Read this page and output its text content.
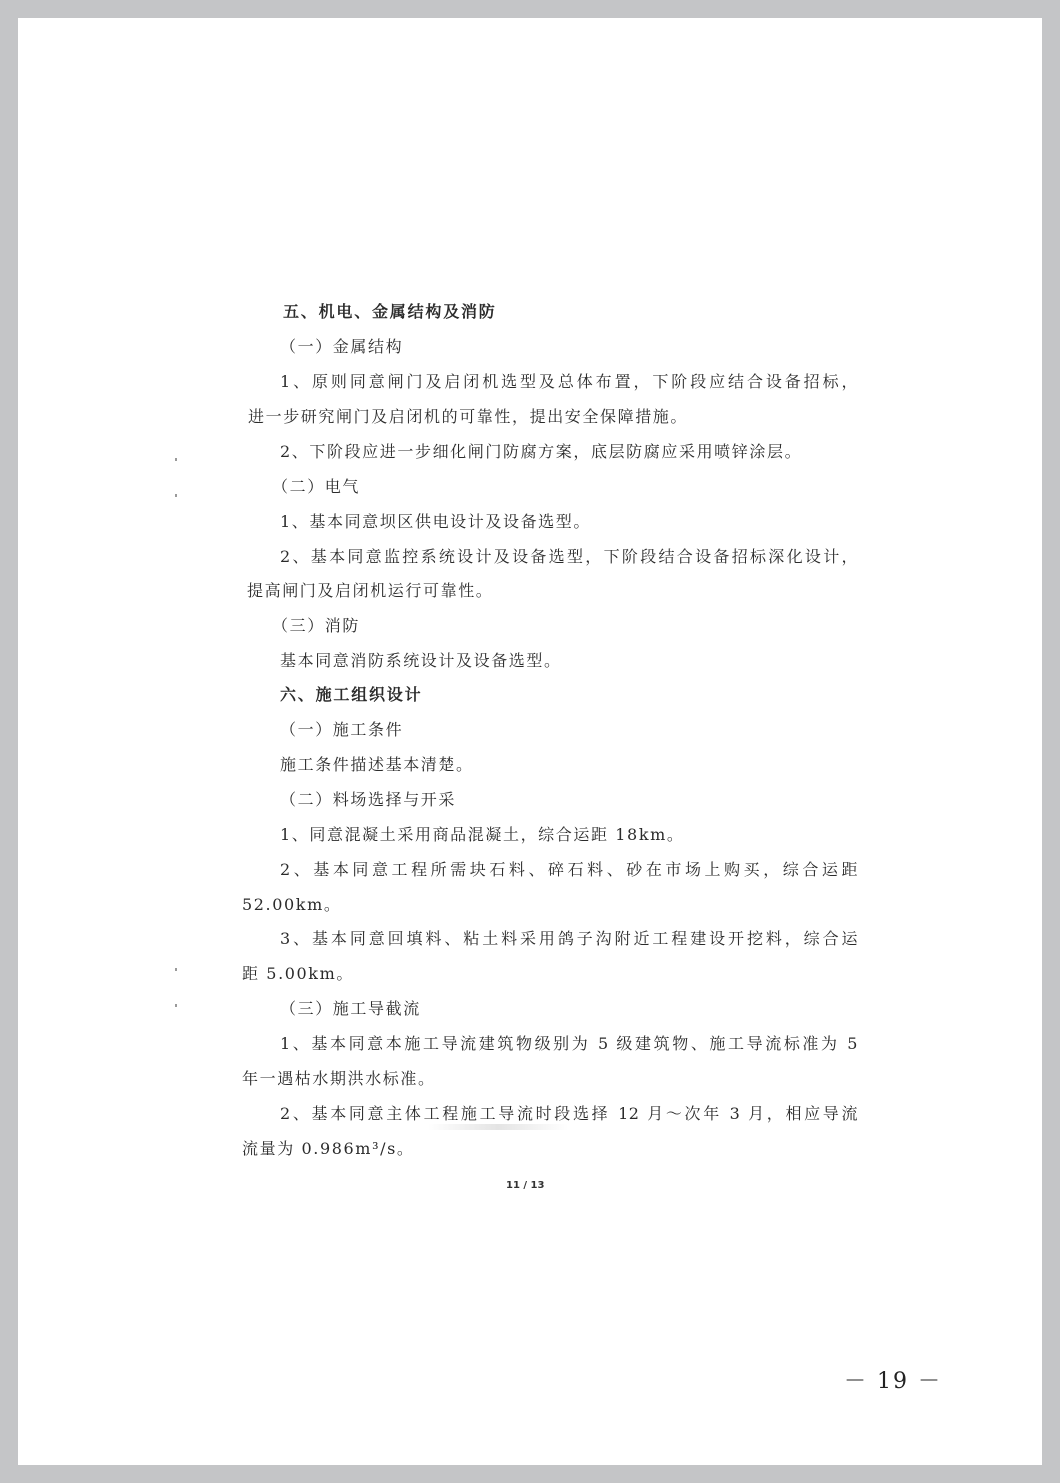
五、机电、金属结构及消防
（一）金属结构
1、原则同意闸门及启闭机选型及总体布置，下阶段应结合设备招标，
进一步研究闸门及启闭机的可靠性，提出安全保障措施。
2、下阶段应进一步细化闸门防腐方案，底层防腐应采用喷锌涂层。
（二）电气
1、基本同意坝区供电设计及设备选型。
2、基本同意监控系统设计及设备选型，下阶段结合设备招标深化设计，
提高闸门及启闭机运行可靠性。
（三）消防
基本同意消防系统设计及设备选型。
六、施工组织设计
（一）施工条件
施工条件描述基本清楚。
（二）料场选择与开采
1、同意混凝土采用商品混凝土，综合运距 18km。
2、基本同意工程所需块石料、碎石料、砂在市场上购买，综合运距
52.00km。
3、基本同意回填料、粘土料采用鸽子沟附近工程建设开挖料，综合运
距 5.00km。
（三）施工导截流
1、基本同意本施工导流建筑物级别为 5 级建筑物、施工导流标准为 5
年一遇枯水期洪水标准。
2、基本同意主体工程施工导流时段选择 12 月～次年 3 月，相应导流
流量为 0.986m³/s。
11 / 13
－ 19 －
